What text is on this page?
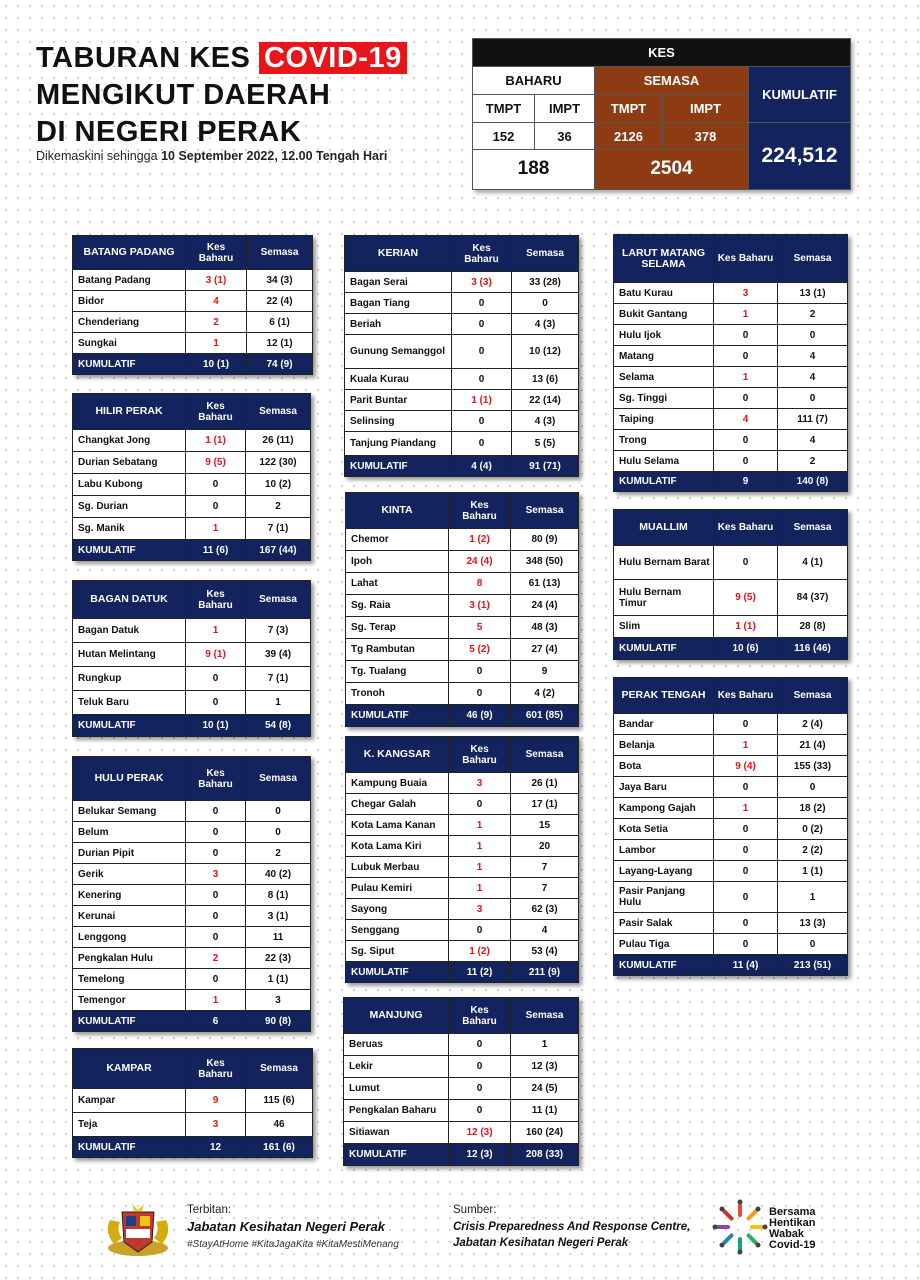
TABURAN KES COVID-19
MENGIKUT DAERAH
DI NEGERI PERAK
Dikemaskini sehingga 10 September 2022, 12.00 Tengah Hari
KES				
BAHARU		SEMASA		KUMULATIF
TMPT	IMPT	TMPT	IMPT	
152	36	2126	378	224,512
188		2504		
BATANG PADANG	Kes Baharu	Semasa
Batang Padang	3 (1)	34 (3)
Bidor	4	22 (4)
Chenderiang	2	6 (1)
Sungkai	1	12 (1)
KUMULATIF	10 (1)	74 (9)
HILIR PERAK	Kes Baharu	Semasa
Changkat Jong	1 (1)	26 (11)
Durian Sebatang	9 (5)	122 (30)
Labu Kubong	0	10 (2)
Sg. Durian	0	2
Sg. Manik	1	7 (1)
KUMULATIF	11 (6)	167 (44)
BAGAN DATUK	Kes Baharu	Semasa
Bagan Datuk	1	7 (3)
Hutan Melintang	9 (1)	39 (4)
Rungkup	0	7 (1)
Teluk Baru	0	1
KUMULATIF	10 (1)	54 (8)
HULU PERAK	Kes Baharu	Semasa
Belukar Semang	0	0
Belum	0	0
Durian Pipit	0	2
Gerik	3	40 (2)
Kenering	0	8 (1)
Kerunai	0	3 (1)
Lenggong	0	11
Pengkalan Hulu	2	22 (3)
Temelong	0	1 (1)
Temengor	1	3
KUMULATIF	6	90 (8)
KAMPAR	Kes Baharu	Semasa
Kampar	9	115 (6)
Teja	3	46
KUMULATIF	12	161 (6)
KERIAN	Kes Baharu	Semasa
Bagan Serai	3 (3)	33 (28)
Bagan Tiang	0	0
Beriah	0	4 (3)
Gunung Semanggol	0	10 (12)
Kuala Kurau	0	13 (6)
Parit Buntar	1 (1)	22 (14)
Selinsing	0	4 (3)
Tanjung Piandang	0	5 (5)
KUMULATIF	4 (4)	91 (71)
KINTA	Kes Baharu	Semasa
Chemor	1 (2)	80 (9)
Ipoh	24 (4)	348 (50)
Lahat	8	61 (13)
Sg. Raia	3 (1)	24 (4)
Sg. Terap	5	48 (3)
Tg Rambutan	5 (2)	27 (4)
Tg. Tualang	0	9
Tronoh	0	4 (2)
KUMULATIF	46 (9)	601 (85)
K. KANGSAR	Kes Baharu	Semasa
Kampung Buaia	3	26 (1)
Chegar Galah	0	17 (1)
Kota Lama Kanan	1	15
Kota Lama Kiri	1	20
Lubuk Merbau	1	7
Pulau Kemiri	1	7
Sayong	3	62 (3)
Senggang	0	4
Sg. Siput	1 (2)	53 (4)
KUMULATIF	11 (2)	211 (9)
MANJUNG	Kes Baharu	Semasa
Beruas	0	1
Lekir	0	12 (3)
Lumut	0	24 (5)
Pengkalan Baharu	0	11 (1)
Sitiawan	12 (3)	160 (24)
KUMULATIF	12 (3)	208 (33)
LARUT MATANG SELAMA	Kes Baharu	Semasa
Batu Kurau	3	13 (1)
Bukit Gantang	1	2
Hulu Ijok	0	0
Matang	0	4
Selama	1	4
Sg. Tinggi	0	0
Taiping	4	111 (7)
Trong	0	4
Hulu Selama	0	2
KUMULATIF	9	140 (8)
MUALLIM	Kes Baharu	Semasa
Hulu Bernam Barat	0	4 (1)
Hulu Bernam Timur	9 (5)	84 (37)
Slim	1 (1)	28 (8)
KUMULATIF	10 (6)	116 (46)
PERAK TENGAH	Kes Baharu	Semasa
Bandar	0	2 (4)
Belanja	1	21 (4)
Bota	9 (4)	155 (33)
Jaya Baru	0	0
Kampong Gajah	1	18 (2)
Kota Setia	0	0 (2)
Lambor	0	2 (2)
Layang-Layang	0	1 (1)
Pasir Panjang Hulu	0	1
Pasir Salak	0	13 (3)
Pulau Tiga	0	0
KUMULATIF	11 (4)	213 (51)
Terbitan:
Jabatan Kesihatan Negeri Perak
#StayAtHome #KitaJagaKita #KitaMestiMenang
Sumber:
Crisis Preparedness And Response Centre,
Jabatan Kesihatan Negeri Perak
Bersama
Hentikan
Wabak
Covid-19
